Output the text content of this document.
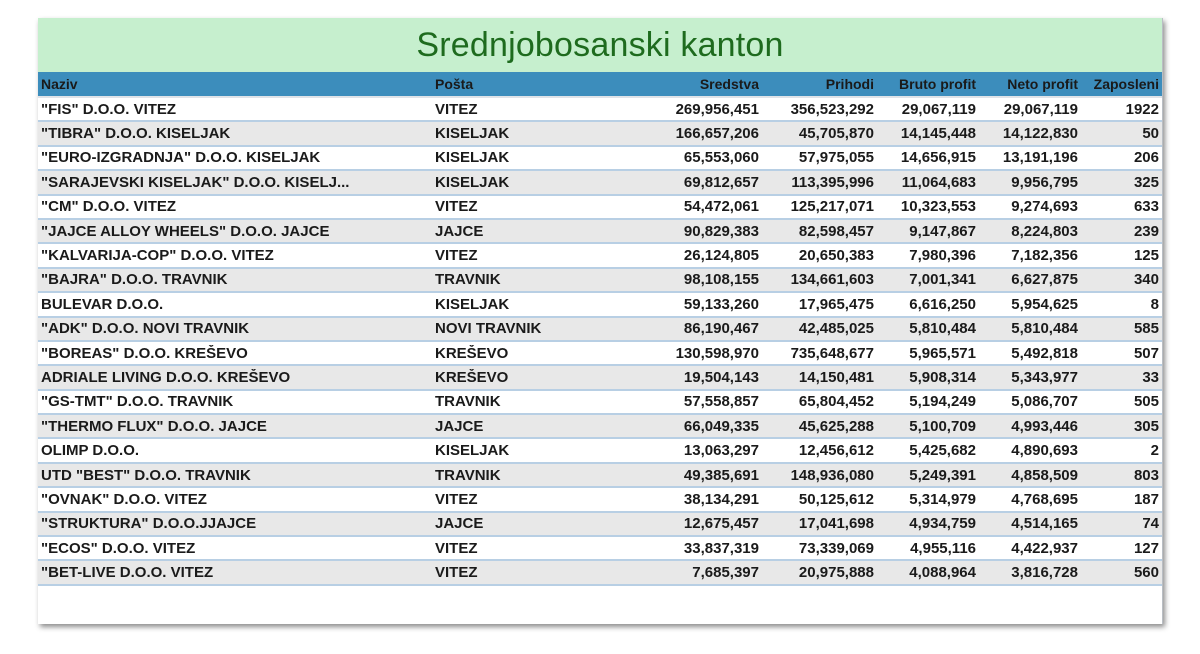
Srednjobosanski kanton
Naziv	Pošta	Sredstva	Prihodi	Bruto profit	Neto profit	Zaposleni
"FIS" D.O.O. VITEZ	VITEZ	269,956,451	356,523,292	29,067,119	29,067,119	1922
"TIBRA" D.O.O. KISELJAK	KISELJAK	166,657,206	45,705,870	14,145,448	14,122,830	50
"EURO-IZGRADNJA" D.O.O. KISELJAK	KISELJAK	65,553,060	57,975,055	14,656,915	13,191,196	206
"SARAJEVSKI KISELJAK" D.O.O. KISELJ...	KISELJAK	69,812,657	113,395,996	11,064,683	9,956,795	325
"CM" D.O.O. VITEZ	VITEZ	54,472,061	125,217,071	10,323,553	9,274,693	633
"JAJCE ALLOY WHEELS" D.O.O. JAJCE	JAJCE	90,829,383	82,598,457	9,147,867	8,224,803	239
"KALVARIJA-COP" D.O.O. VITEZ	VITEZ	26,124,805	20,650,383	7,980,396	7,182,356	125
"BAJRA" D.O.O. TRAVNIK	TRAVNIK	98,108,155	134,661,603	7,001,341	6,627,875	340
BULEVAR D.O.O.	KISELJAK	59,133,260	17,965,475	6,616,250	5,954,625	8
"ADK" D.O.O. NOVI TRAVNIK	NOVI TRAVNIK	86,190,467	42,485,025	5,810,484	5,810,484	585
"BOREAS" D.O.O. KREŠEVO	KREŠEVO	130,598,970	735,648,677	5,965,571	5,492,818	507
ADRIALE LIVING D.O.O. KREŠEVO	KREŠEVO	19,504,143	14,150,481	5,908,314	5,343,977	33
"GS-TMT" D.O.O. TRAVNIK	TRAVNIK	57,558,857	65,804,452	5,194,249	5,086,707	505
"THERMO FLUX" D.O.O. JAJCE	JAJCE	66,049,335	45,625,288	5,100,709	4,993,446	305
OLIMP D.O.O.	KISELJAK	13,063,297	12,456,612	5,425,682	4,890,693	2
UTD "BEST" D.O.O. TRAVNIK	TRAVNIK	49,385,691	148,936,080	5,249,391	4,858,509	803
"OVNAK" D.O.O. VITEZ	VITEZ	38,134,291	50,125,612	5,314,979	4,768,695	187
"STRUKTURA" D.O.O.JJAJCE	JAJCE	12,675,457	17,041,698	4,934,759	4,514,165	74
"ECOS" D.O.O. VITEZ	VITEZ	33,837,319	73,339,069	4,955,116	4,422,937	127
"BET-LIVE D.O.O. VITEZ	VITEZ	7,685,397	20,975,888	4,088,964	3,816,728	560
